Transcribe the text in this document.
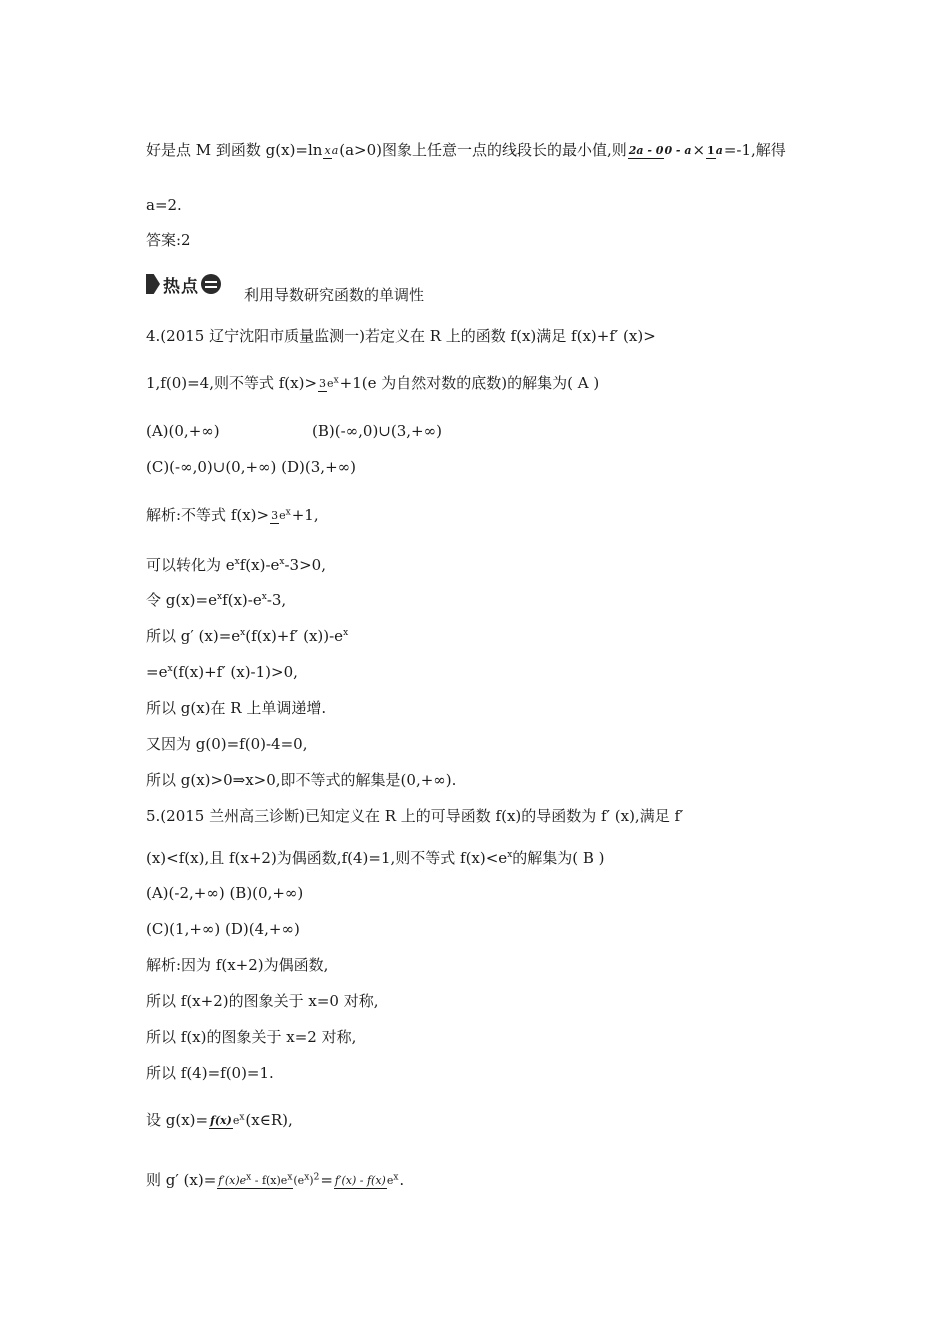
好是点 M 到函数 g(x)=ln xa(a>0)图象上任意一点的线段长的最小值,则 2a - 00 - a× 1a=-1,解得
a=2.
答案:2
热点	利用导数研究函数的单调性
4.(2015 辽宁沈阳市质量监测一)若定义在 R 上的函数 f(x)满足 f(x)+f′ (x)>
1,f(0)=4,则不等式 $f(x)> 3e^x+1(e$ 为自然对数的底数)的解集为( A )
(A)(0,+∞)	(B)(-∞,0)∪(3,+∞)
(C)(-∞,0)∪(0,+∞) (D)(3,+∞)
解析:不等式 $f(x)> 3e^x+1$,
可以转化为 $e^xf(x)-e^x-3>0$,
令 $g(x)=e^xf(x)-e^x-3$,
所以 g′ $(x)=e^x(f(x)+f'$ $(x))-e^x$
$=e^x(f(x)+f'$ (x)-1)>0,
所以 g(x)在 R 上单调递增.
又因为 g(0)=f(0)-4=0,
所以 g(x)>0⇒x>0,即不等式的解集是(0,+∞).
5.(2015 兰州高三诊断)已知定义在 R 上的可导函数 f(x)的导函数为 f′ (x),满足 f′
(x)<f(x),且 f(x+2)为偶函数,f(4)=1,则不等式 $f(x)<e^x$的解集为( B )
(A)(-2,+∞) (B)(0,+∞)
(C)(1,+∞) (D)(4,+∞)
解析:因为 f(x+2)为偶函数,
所以 f(x+2)的图象关于 x=0 对称,
所以 f(x)的图象关于 x=2 对称,
所以 f(4)=f(0)=1.
设 $g(x)= f(x)e^x(x\in R)$,
则 g′ $(x)= f'(x)e^x - f(x)e^x(e^x)^2= f'(x) - f(x)e^x$.
